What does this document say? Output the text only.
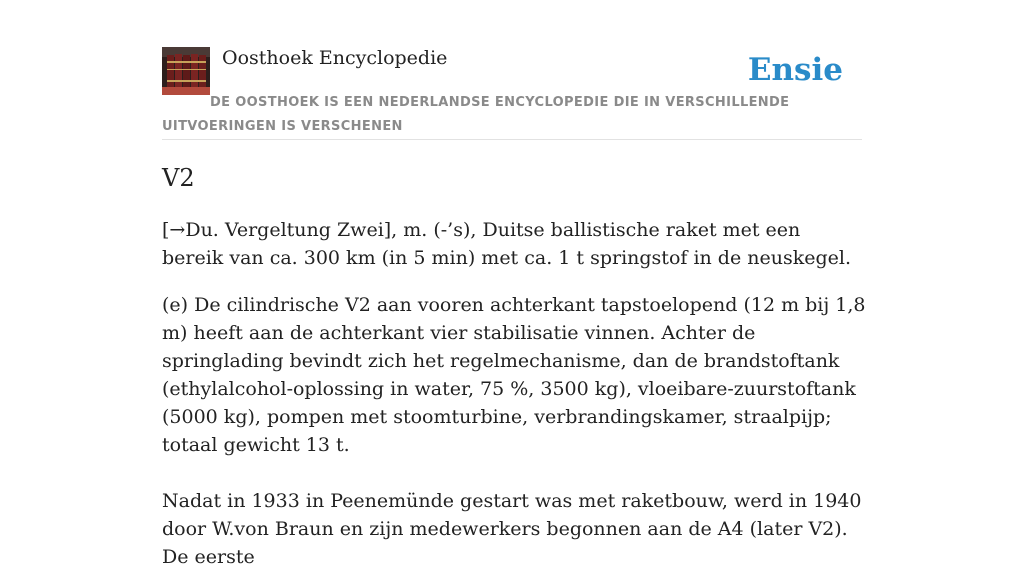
Oosthoek Encyclopedie	Ensie
DE OOSTHOEK IS EEN NEDERLANDSE ENCYCLOPEDIE DIE IN VERSCHILLENDE UITVOERINGEN IS VERSCHENEN
V2

[→Du. Vergeltung Zwei], m. (-’s), Duitse ballistische raket met een bereik van ca. 300 km (in 5 min) met ca. 1 t springstof in de neuskegel.

(e) De cilindrische V2 aan vooren achterkant tapstoelopend (12 m bij 1,8 m) heeft aan de achterkant vier stabilisatie vinnen. Achter de springlading bevindt zich het regelmechanisme, dan de brandstoftank (ethylalcohol-oplossing in water, 75 %, 3500 kg), vloeibare-zuurstoftank (5000 kg), pompen met stoomturbine, verbrandingskamer, straalpijp; totaal gewicht 13 t.

Nadat in 1933 in Peenemünde gestart was met raketbouw, werd in 1940 door W.von Braun en zijn medewerkers begonnen aan de A4 (later V2). De eerste
